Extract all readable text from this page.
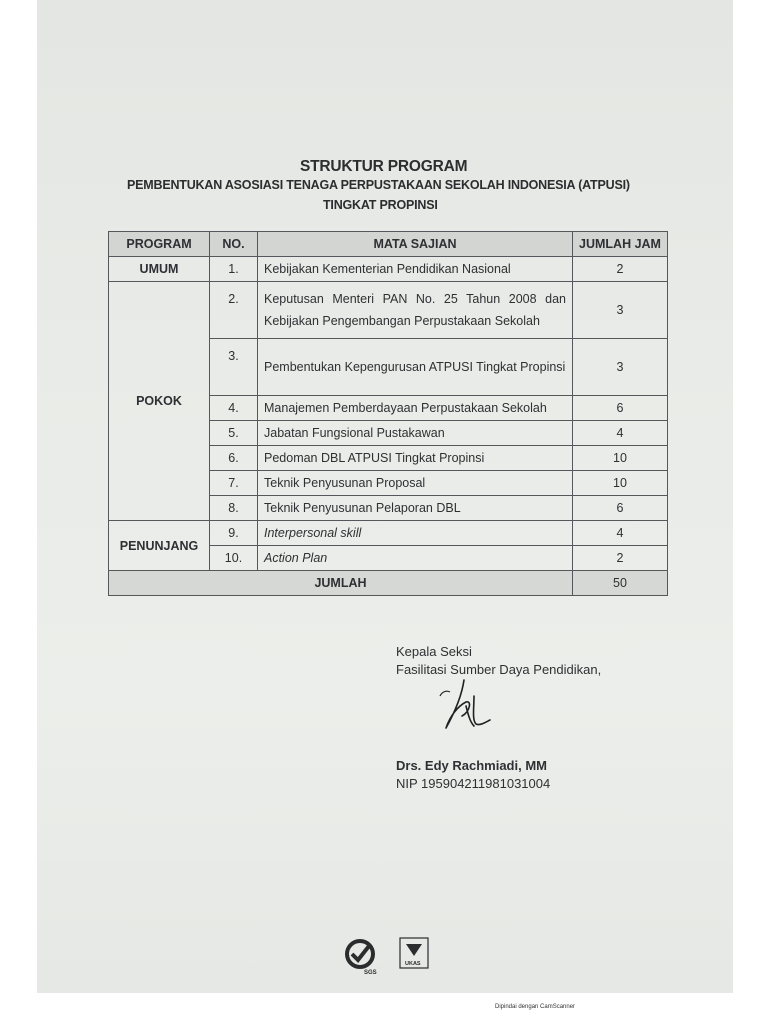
STRUKTUR PROGRAM
PEMBENTUKAN ASOSIASI TENAGA PERPUSTAKAAN SEKOLAH INDONESIA (ATPUSI)
TINGKAT PROPINSI
PROGRAM	NO.	MATA SAJIAN	JUMLAH JAM
UMUM	1.	Kebijakan Kementerian Pendidikan Nasional	2
POKOK	2.	Keputusan Menteri PAN No. 25 Tahun 2008 dan Kebijakan Pengembangan Perpustakaan Sekolah	3
	3.	Pembentukan Kepengurusan ATPUSI Tingkat Propinsi	3
	4.	Manajemen Pemberdayaan Perpustakaan Sekolah	6
	5.	Jabatan Fungsional Pustakawan	4
	6.	Pedoman DBL ATPUSI Tingkat Propinsi	10
	7.	Teknik Penyusunan Proposal	10
	8.	Teknik Penyusunan Pelaporan DBL	6
PENUNJANG	9.	Interpersonal skill	4
	10.	Action Plan	2
JUMLAH			50
Kepala Seksi
Fasilitasi Sumber Daya Pendidikan,
Drs. Edy Rachmiadi, MM
NIP 195904211981031004
SGS
UKAS
Dipindai dengan CamScanner
